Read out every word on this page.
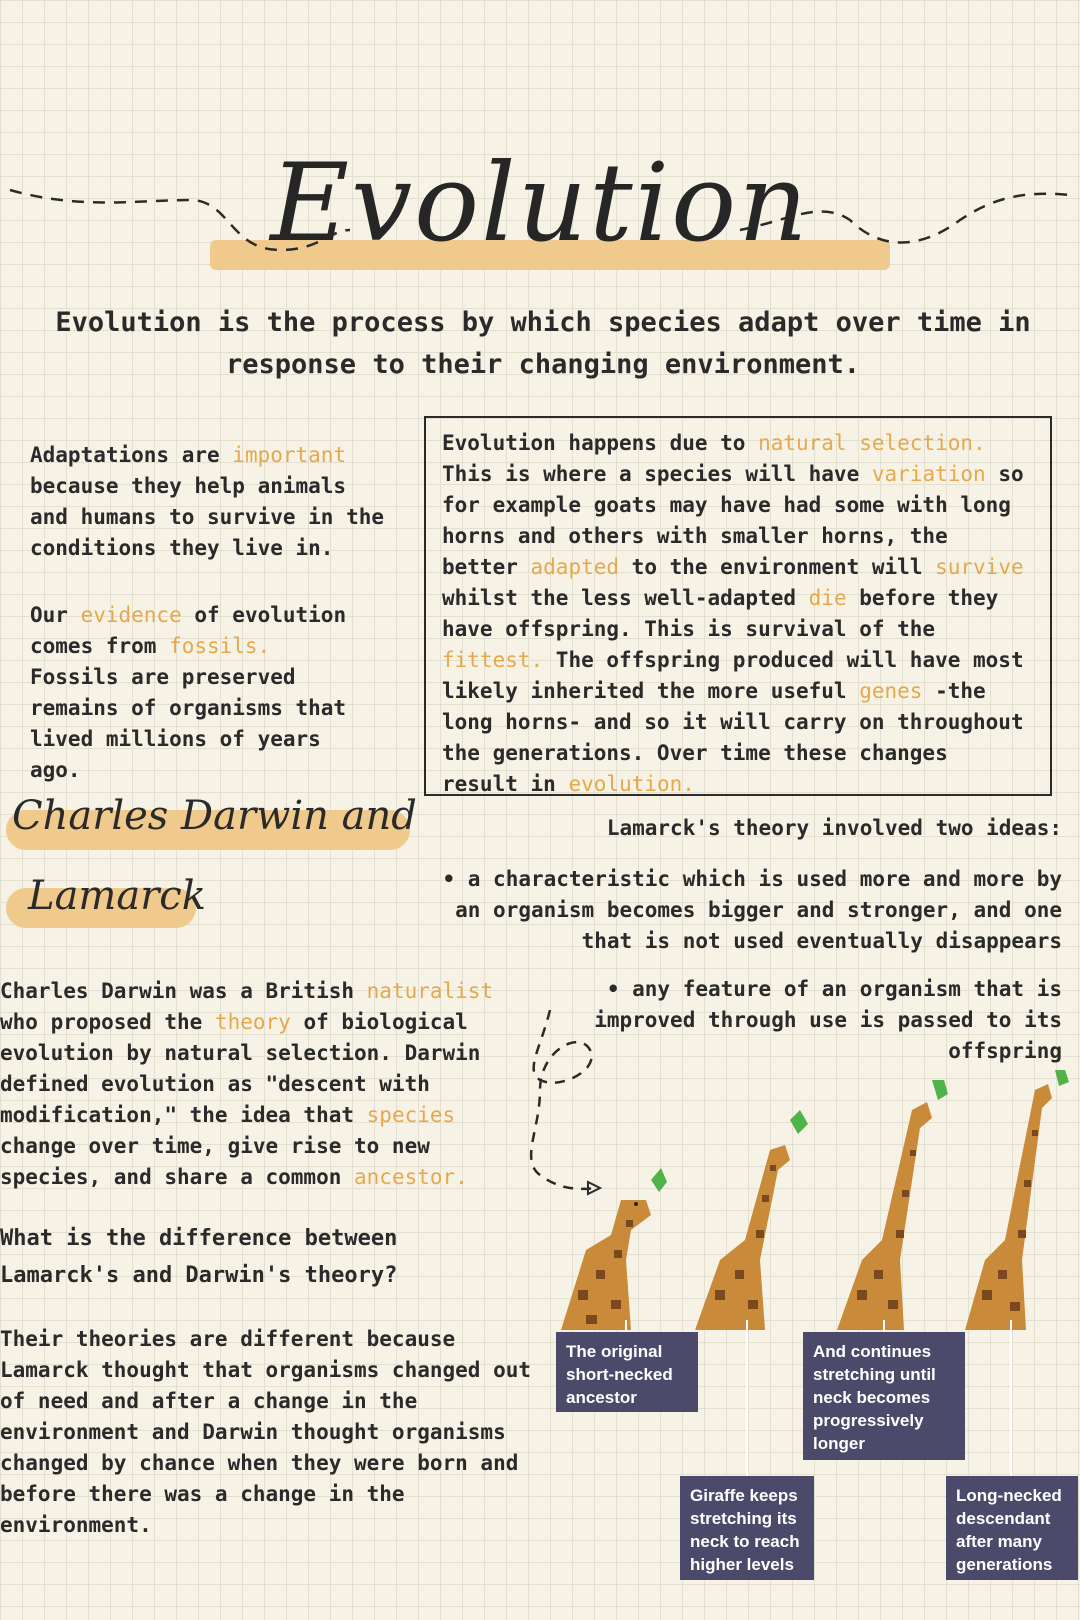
Evolution
Evolution is the process by which species adapt over time in response to their changing environment.
Adaptations are important because they help animals and humans to survive in the conditions they live in.
Our evidence of evolution comes from fossils. Fossils are preserved remains of organisms that lived millions of years ago.
Evolution happens due to natural selection. This is where a species will have variation so for example goats may have had some with long horns and others with smaller horns, the better adapted to the environment will survive whilst the less well-adapted die before they have offspring. This is survival of the fittest. The offspring produced will have most likely inherited the more useful genes -the long horns- and so it will carry on throughout the generations. Over time these changes result in evolution.
Charles Darwin and
Lamarck
Lamarck's theory involved two ideas:
• a characteristic which is used more and more by an organism becomes bigger and stronger, and one that is not used eventually disappears
• any feature of an organism that is improved through use is passed to its offspring
Charles Darwin was a British naturalist who proposed the theory of biological evolution by natural selection. Darwin defined evolution as "descent with modification," the idea that species change over time, give rise to new species, and share a common ancestor.
What is the difference between Lamarck's and Darwin's theory?
Their theories are different because Lamarck thought that organisms changed out of need and after a change in the environment and Darwin thought organisms changed by chance when they were born and before there was a change in the environment.
The original short-necked ancestor
Giraffe keeps stretching its neck to reach higher levels
And continues stretching until neck becomes progressively longer
Long-necked descendant after many generations
